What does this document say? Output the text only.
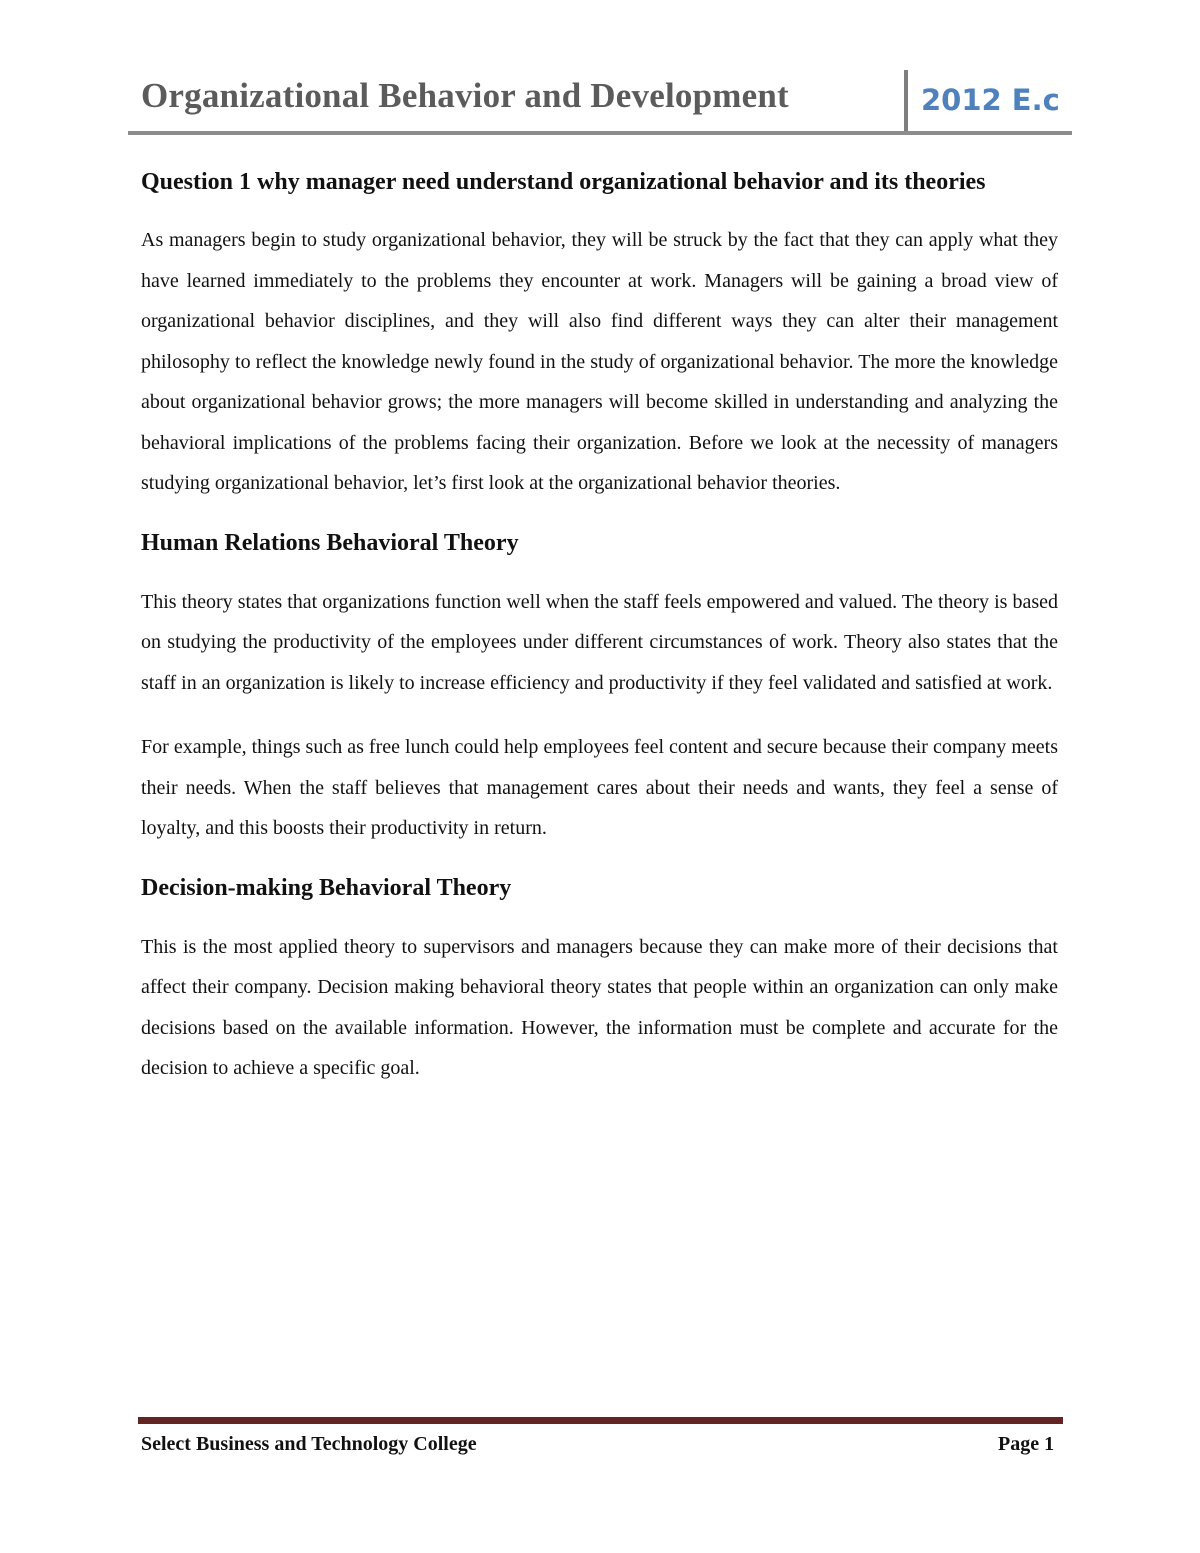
Organizational Behavior and Development	2012 E.c

Question 1 why manager need understand organizational behavior and its theories

As managers begin to study organizational behavior, they will be struck by the fact that they can apply what they have learned immediately to the problems they encounter at work. Managers will be gaining a broad view of organizational behavior disciplines, and they will also find different ways they can alter their management philosophy to reflect the knowledge newly found in the study of organizational behavior. The more the knowledge about organizational behavior grows; the more managers will become skilled in understanding and analyzing the behavioral implications of the problems facing their organization. Before we look at the necessity of managers studying organizational behavior, let’s first look at the organizational behavior theories.

Human Relations Behavioral Theory

This theory states that organizations function well when the staff feels empowered and valued. The theory is based on studying the productivity of the employees under different circumstances of work. Theory also states that the staff in an organization is likely to increase efficiency and productivity if they feel validated and satisfied at work.

For example, things such as free lunch could help employees feel content and secure because their company meets their needs. When the staff believes that management cares about their needs and wants, they feel a sense of loyalty, and this boosts their productivity in return.

Decision-making Behavioral Theory

This is the most applied theory to supervisors and managers because they can make more of their decisions that affect their company. Decision making behavioral theory states that people within an organization can only make decisions based on the available information. However, the information must be complete and accurate for the decision to achieve a specific goal.

Select Business and Technology College	Page 1
